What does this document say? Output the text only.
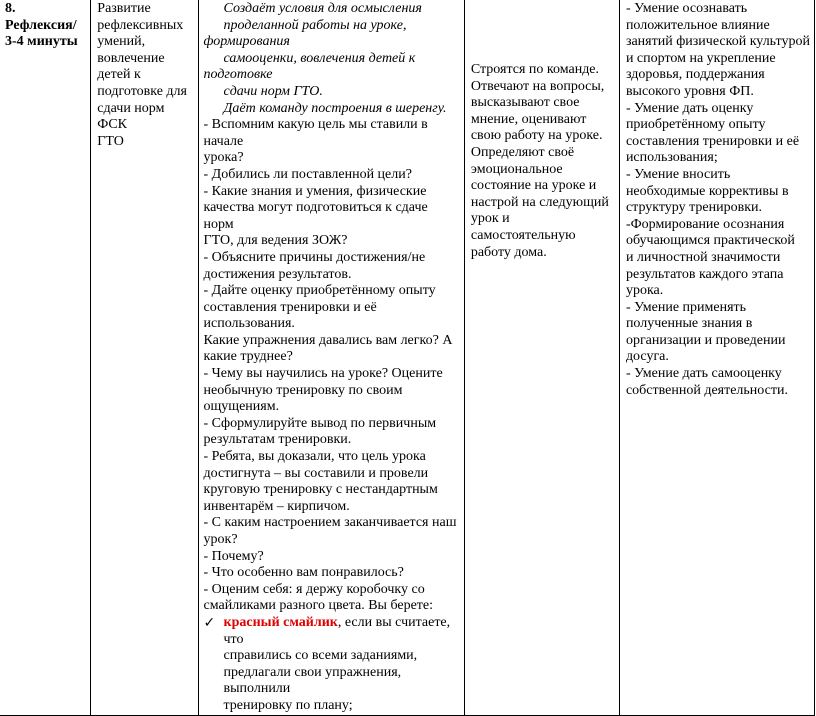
8.
Рефлексия/
3-4 минуты

Развитие
рефлексивных
умений,
вовлечение
детей к
подготовке для
сдачи норм ФСК
ГТО

Создаёт условия для осмысления
проделанной работы на уроке, формирования
самооценки, вовлечения детей к подготовке
сдачи норм ГТО.
Даёт команду построения в шеренгу.
- Вспомним какую цель мы ставили в начале
урока?
- Добились ли поставленной цели?
- Какие знания и умения, физические
качества могут подготовиться к сдаче норм
ГТО, для ведения ЗОЖ?
- Объясните причины достижения/не
достижения результатов.
- Дайте оценку приобретённому опыту
составления тренировки и её использования.
Какие упражнения давались вам легко? А
какие труднее?
- Чему вы научились на уроке? Оцените
необычную тренировку по своим
ощущениям.
- Сформулируйте вывод по первичным
результатам тренировки.
- Ребята, вы доказали, что цель урока
достигнута – вы составили и провели
круговую тренировку с нестандартным
инвентарём – кирпичом.
- С каким настроением заканчивается наш
урок?
- Почему?
- Что особенно вам понравилось?
- Оценим себя: я держу коробочку со
смайликами разного цвета. Вы берете:
✓ красный смайлик, если вы считаете, что
справились со всеми заданиями,
предлагали свои упражнения, выполнили
тренировку по плану;

Строятся по команде.
Отвечают на вопросы,
высказывают свое
мнение, оценивают
свою работу на уроке.
Определяют своё
эмоциональное
состояние на уроке и
настрой на следующий
урок и
самостоятельную
работу дома.

- Умение осознавать
положительное влияние
занятий физической культурой
и спортом на укрепление
здоровья, поддержания
высокого уровня ФП.
- Умение дать оценку
приобретённому опыту
составления тренировки и её
использования;
- Умение вносить
необходимые коррективы в
структуру тренировки.
-Формирование осознания
обучающимся практической
и личностной значимости
результатов каждого этапа
урока.
- Умение применять
полученные знания в
организации и проведении
досуга.
- Умение дать самооценку
собственной деятельности.
